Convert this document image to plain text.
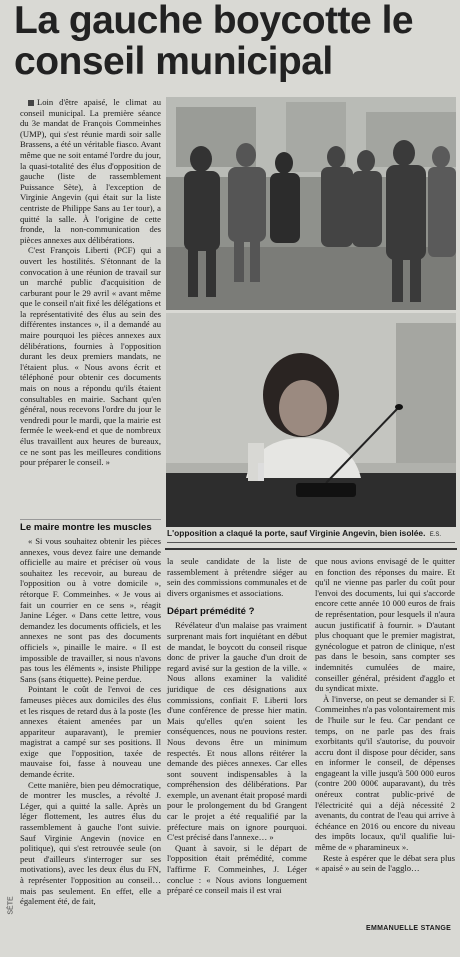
La gauche boycotte le
conseil municipal

Loin d'être apaisé, le climat au conseil municipal. La première séance du 3e mandat de François Commeinhes (UMP), qui s'est réunie mardi soir salle Brassens, a été un véritable fiasco. Avant même que ne soit entamé l'ordre du jour, la quasi-totalité des élus d'opposition de gauche (liste de rassemblement Puissance Sète), à l'exception de Virginie Angevin (qui était sur la liste centriste de Philippe Sans au 1er tour), a quitté la salle. À l'origine de cette fronde, la non-communication des pièces annexes aux délibérations.

C'est François Liberti (PCF) qui a ouvert les hostilités. S'étonnant de la convocation à une réunion de travail sur un marché public d'acquisition de carburant pour le 29 avril « avant même que le conseil n'ait fixé les délégations et la représentativité des élus au sein des différentes instances », il a demandé au maire pourquoi les pièces annexes aux délibérations, fournies à l'opposition durant les deux premiers mandats, ne l'étaient plus. « Nous avons écrit et téléphoné pour obtenir ces documents mais on nous a répondu qu'ils étaient consultables en mairie. Sachant qu'en général, nous recevons l'ordre du jour le vendredi pour le mardi, que la mairie est fermée le week-end et que de nombreux élus travaillent aux heures de bureaux, ce ne sont pas les meilleures conditions pour préparer le conseil. »

L'opposition a claqué la porte, sauf Virginie Angevin, bien isolée. E.S.
Le maire montre les muscles

« Si vous souhaitez obtenir les pièces annexes, vous devez faire une demande officielle au maire et préciser où vous souhaitez les recevoir, au bureau de l'opposition ou à votre domicile », rétorque F. Commeinhes. « Je vous ai fait un courrier en ce sens », réagit Janine Léger. « Dans cette lettre, vous demandez les documents officiels, et les annexes ne sont pas des documents officiels », pinaille le maire. « Il est impossible de travailler, si nous n'avons pas tous les éléments », insiste Philippe Sans (sans étiquette). Peine perdue.

Pointant le coût de l'envoi de ces fameuses pièces aux domiciles des élus et les risques de retard dus à la poste (les annexes étaient amenées par un appariteur auparavant), le premier magistrat a campé sur ses positions. Il exige que l'opposition, taxée de mauvaise foi, fasse à nouveau une demande écrite.

Cette manière, bien peu démocratique, de montrer les muscles, a révolté J. Léger, qui a quitté la salle. Après un léger flottement, les autres élus du rassemblement à gauche l'ont suivie. Sauf Virginie Angevin (novice en politique), qui s'est retrouvée seule (on peut d'ailleurs s'interroger sur ses motivations), avec les deux élus du FN, à représenter l'opposition au conseil… mais pas seulement. En effet, elle a également été, de fait,

la seule candidate de la liste de rassemblement à prétendre siéger au sein des commissions communales et de divers organismes et associations.

Départ prémédité ?

Révélateur d'un malaise pas vraiment surprenant mais fort inquiétant en début de mandat, le boycott du conseil risque donc de priver la gauche d'un droit de regard avisé sur la gestion de la ville. « Nous allons examiner la validité juridique de ces désignations aux commissions, confiait F. Liberti lors d'une conférence de presse hier matin. Mais qu'elles qu'en soient les conséquences, nous ne pouvions rester. Nous devons être un minimum respectés. Et nous allons réitérer la demande des pièces annexes. Car elles sont souvent indispensables à la compréhension des délibérations. Par exemple, un avenant était proposé mardi pour le prolongement du bd Grangent car le projet a été requalifié par la préfecture mais on ignore pourquoi. C'est précisé dans l'annexe… »

Quant à savoir, si le départ de l'opposition était prémédité, comme l'affirme F. Commeinhes, J. Léger conclue : « Nous avions longuement préparé ce conseil mais il est vrai

que nous avions envisagé de le quitter en fonction des réponses du maire. Et qu'il ne vienne pas parler du coût pour l'envoi des documents, lui qui s'accorde encore cette année 10 000 euros de frais de représentation, pour lesquels il n'aura aucun justificatif à fournir. » D'autant plus choquant que le premier magistrat, gynécologue et patron de clinique, n'est pas dans le besoin, sans compter ses indemnités cumulées de maire, conseiller général, président d'agglo et du syndicat mixte.

À l'inverse, on peut se demander si F. Commeinhes n'a pas volontairement mis de l'huile sur le feu. Car pendant ce temps, on ne parle pas des frais exorbitants qu'il s'autorise, du pouvoir accru dont il dispose pour décider, sans en informer le conseil, de dépenses engageant la ville jusqu'à 500 000 euros (contre 200 000€ auparavant), du très onéreux contrat public-privé de l'électricité qui a déjà nécessité 2 avenants, du contrat de l'eau qui arrive à échéance en 2016 ou encore du niveau des impôts locaux, qu'il qualifie lui-même de « pharamineux ».

Reste à espérer que le débat sera plus « apaisé » au sein de l'agglo…

EMMANUELLE STANGE
SÈTE
